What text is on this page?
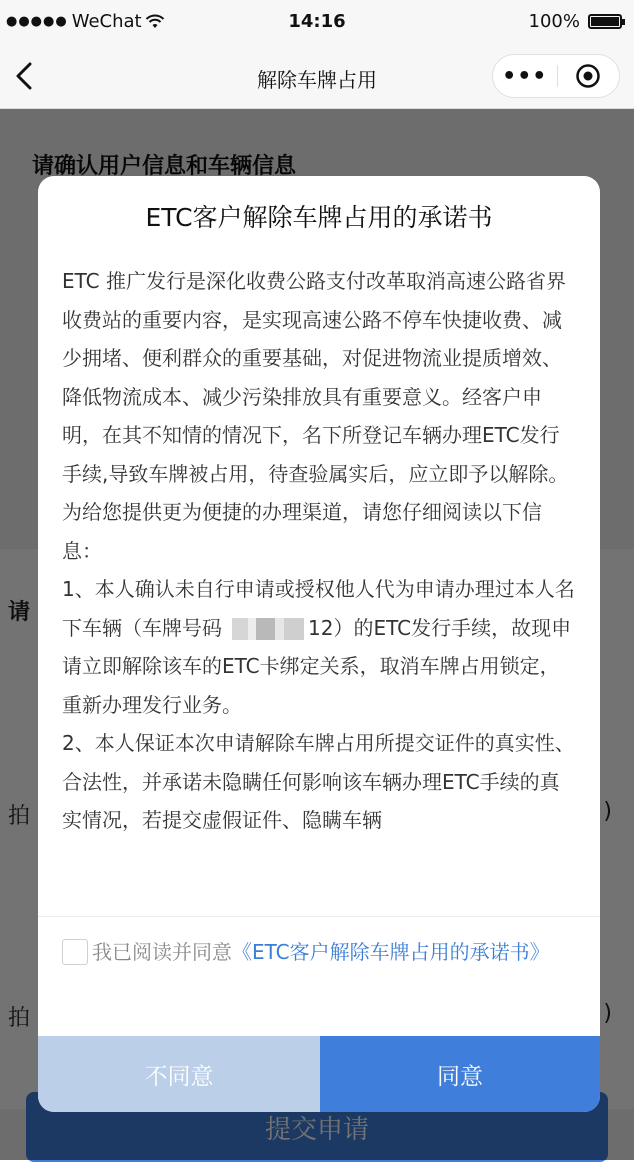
●●●●● WeChat	14:16	100%
解除车牌占用	•••
ETC客户解除车牌占用的承诺书

ETC 推广发行是深化收费公路支付改革取消高速公路省界收费站的重要内容，是实现高速公路不停车快捷收费、减少拥堵、便利群众的重要基础，对促进物流业提质增效、降低物流成本、减少污染排放具有重要意义。经客户申明，在其不知情的情况下，名下所登记车辆办理ETC发行手续,导致车牌被占用，待查验属实后，应立即予以解除。为给您提供更为便捷的办理渠道，请您仔细阅读以下信息：

1、本人确认未自行申请或授权他人代为申请办理过本人名下车辆（车牌号码	12）的ETC发行手续，故现申请立即解除该车的ETC卡绑定关系，取消车牌占用锁定，重新办理发行业务。

2、本人保证本次申请解除车牌占用所提交证件的真实性、合法性，并承诺未隐瞒任何影响该车辆办理ETC手续的真实情况，若提交虚假证件、隐瞒车辆

我已阅读并同意《ETC客户解除车牌占用的承诺书》
不同意	同意
